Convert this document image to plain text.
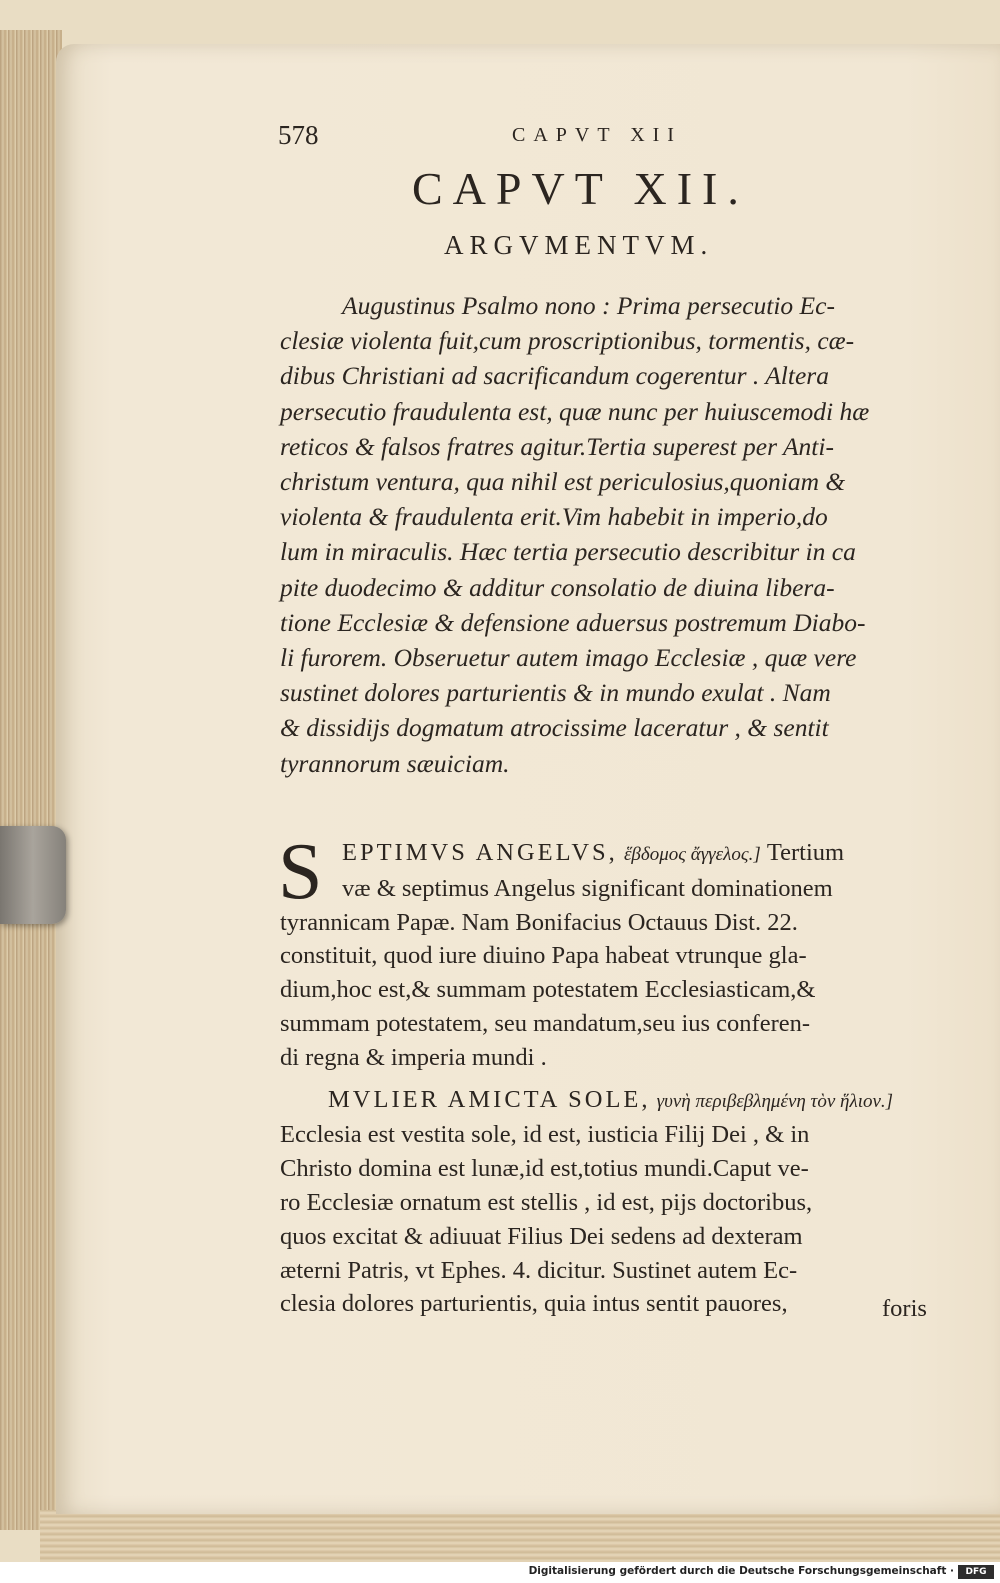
578	CAPVT XII
CAPVT XII.
ARGVMENTVM.
Augustinus Psalmo nono : Prima persecutio Ec-
clesiæ violenta fuit,cum proscriptionibus, tormentis, cæ-
dibus Christiani ad sacrificandum cogerentur . Altera
persecutio fraudulenta est, quæ nunc per huiuscemodi hæ
reticos & falsos fratres agitur.Tertia superest per Anti-
christum ventura, qua nihil est periculosius,quoniam &
violenta & fraudulenta erit.Vim habebit in imperio,do
lum in miraculis. Hæc tertia persecutio describitur in ca
pite duodecimo & additur consolatio de diuina libera-
tione Ecclesiæ & defensione aduersus postremum Diabo-
li furorem. Obseruetur autem imago Ecclesiæ , quæ vere
sustinet dolores parturientis & in mundo exulat . Nam
& dissidijs dogmatum atrocissime laceratur , & sentit
tyrannorum sæuiciam.
S EPTIMVS ANGELVS, ἕβδομος ἄγγελος.] Tertium
væ & septimus Angelus significant dominationem
tyrannicam Papæ. Nam Bonifacius Octauus Dist. 22.
constituit, quod iure diuino Papa habeat vtrunque gla-
dium,hoc est,& summam potestatem Ecclesiasticam,&
summam potestatem, seu mandatum,seu ius conferen-
di regna & imperia mundi .
MVLIER AMICTA SOLE, γυνὴ περιβεβλημένη τὸν ἥλιον.]
Ecclesia est vestita sole, id est, iusticia Filij Dei , & in
Christo domina est lunæ,id est,totius mundi.Caput ve-
ro Ecclesiæ ornatum est stellis , id est, pijs doctoribus,
quos excitat & adiuuat Filius Dei sedens ad dexteram
æterni Patris, vt Ephes. 4. dicitur. Sustinet autem Ec-
clesia dolores parturientis, quia intus sentit pauores,	foris
Digitalisierung gefördert durch die Deutsche Forschungsgemeinschaft ·	DFG
